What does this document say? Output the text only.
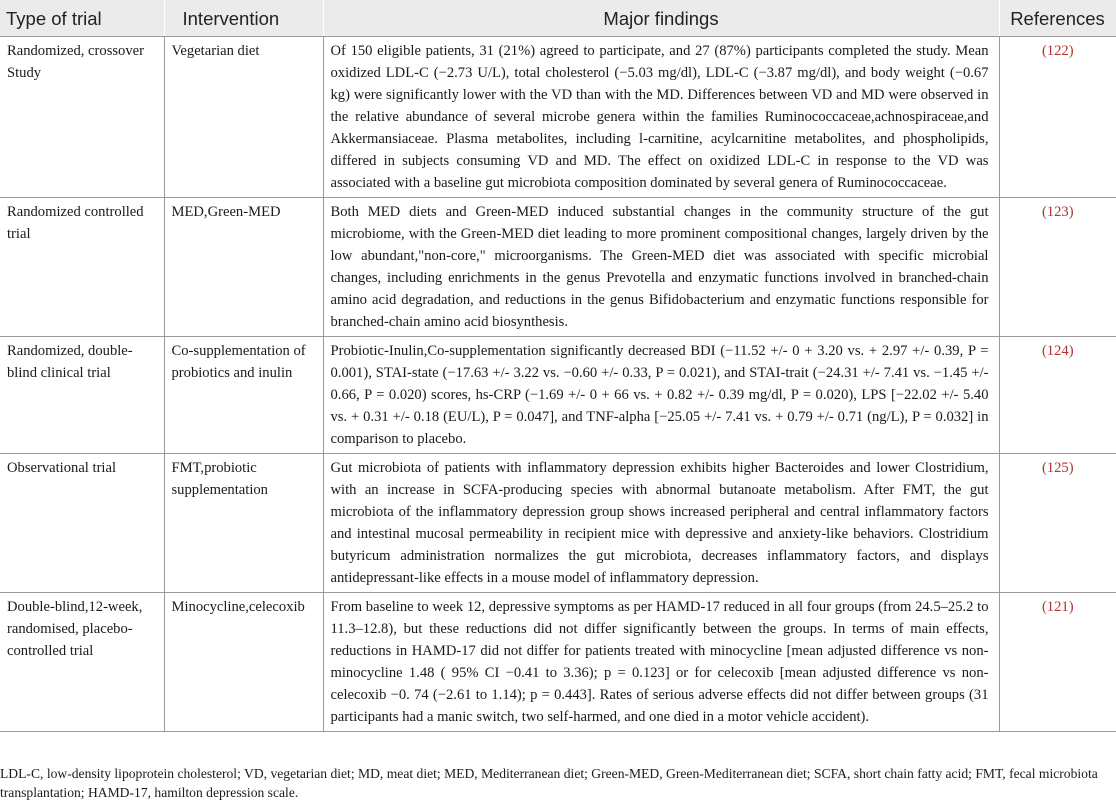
Type of trial	Intervention	Major findings	References
Randomized, crossover Study	Vegetarian diet	Of 150 eligible patients, 31 (21%) agreed to participate, and 27 (87%) participants completed the study. Mean oxidized LDL-C (−2.73 U/L), total cholesterol (−5.03 mg/dl), LDL-C (−3.87 mg/dl), and body weight (−0.67 kg) were significantly lower with the VD than with the MD. Differences between VD and MD were observed in the relative abundance of several microbe genera within the families Ruminococcaceae,achnospiraceae,and Akkermansiaceae. Plasma metabolites, including l-carnitine, acylcarnitine metabolites, and phospholipids, differed in subjects consuming VD and MD. The effect on oxidized LDL-C in response to the VD was associated with a baseline gut microbiota composition dominated by several genera of Ruminococcaceae.	(122)
Randomized controlled trial	MED,Green-MED	Both MED diets and Green-MED induced substantial changes in the community structure of the gut microbiome, with the Green-MED diet leading to more prominent compositional changes, largely driven by the low abundant,"non-core," microorganisms. The Green-MED diet was associated with specific microbial changes, including enrichments in the genus Prevotella and enzymatic functions involved in branched-chain amino acid degradation, and reductions in the genus Bifidobacterium and enzymatic functions responsible for branched-chain amino acid biosynthesis.	(123)
Randomized, double-blind clinical trial	Co-supplementation of probiotics and inulin	Probiotic-Inulin,Co-supplementation significantly decreased BDI (−11.52 +/- 0 + 3.20 vs. + 2.97 +/- 0.39, P = 0.001), STAI-state (−17.63 +/- 3.22 vs. −0.60 +/- 0.33, P = 0.021), and STAI-trait (−24.31 +/- 7.41 vs. −1.45 +/- 0.66, P = 0.020) scores, hs-CRP (−1.69 +/- 0 + 66 vs. + 0.82 +/- 0.39 mg/dl, P = 0.020), LPS [−22.02 +/- 5.40 vs. + 0.31 +/- 0.18 (EU/L), P = 0.047], and TNF-alpha [−25.05 +/- 7.41 vs. + 0.79 +/- 0.71 (ng/L), P = 0.032] in comparison to placebo.	(124)
Observational trial	FMT,probiotic supplementation	Gut microbiota of patients with inflammatory depression exhibits higher Bacteroides and lower Clostridium, with an increase in SCFA-producing species with abnormal butanoate metabolism. After FMT, the gut microbiota of the inflammatory depression group shows increased peripheral and central inflammatory factors and intestinal mucosal permeability in recipient mice with depressive and anxiety-like behaviors. Clostridium butyricum administration normalizes the gut microbiota, decreases inflammatory factors, and displays antidepressant-like effects in a mouse model of inflammatory depression.	(125)
Double-blind,12-week, randomised, placebo-controlled trial	Minocycline,celecoxib	From baseline to week 12, depressive symptoms as per HAMD-17 reduced in all four groups (from 24.5–25.2 to 11.3–12.8), but these reductions did not differ significantly between the groups. In terms of main effects, reductions in HAMD-17 did not differ for patients treated with minocycline [mean adjusted difference vs non-minocycline 1.48 ( 95% CI −0.41 to 3.36); p = 0.123] or for celecoxib [mean adjusted difference vs non-celecoxib −0. 74 (−2.61 to 1.14); p = 0.443]. Rates of serious adverse effects did not differ between groups (31 participants had a manic switch, two self-harmed, and one died in a motor vehicle accident).	(121)
LDL-C, low-density lipoprotein cholesterol; VD, vegetarian diet; MD, meat diet; MED, Mediterranean diet; Green-MED, Green-Mediterranean diet; SCFA, short chain fatty acid; FMT, fecal microbiota transplantation; HAMD-17, hamilton depression scale.
